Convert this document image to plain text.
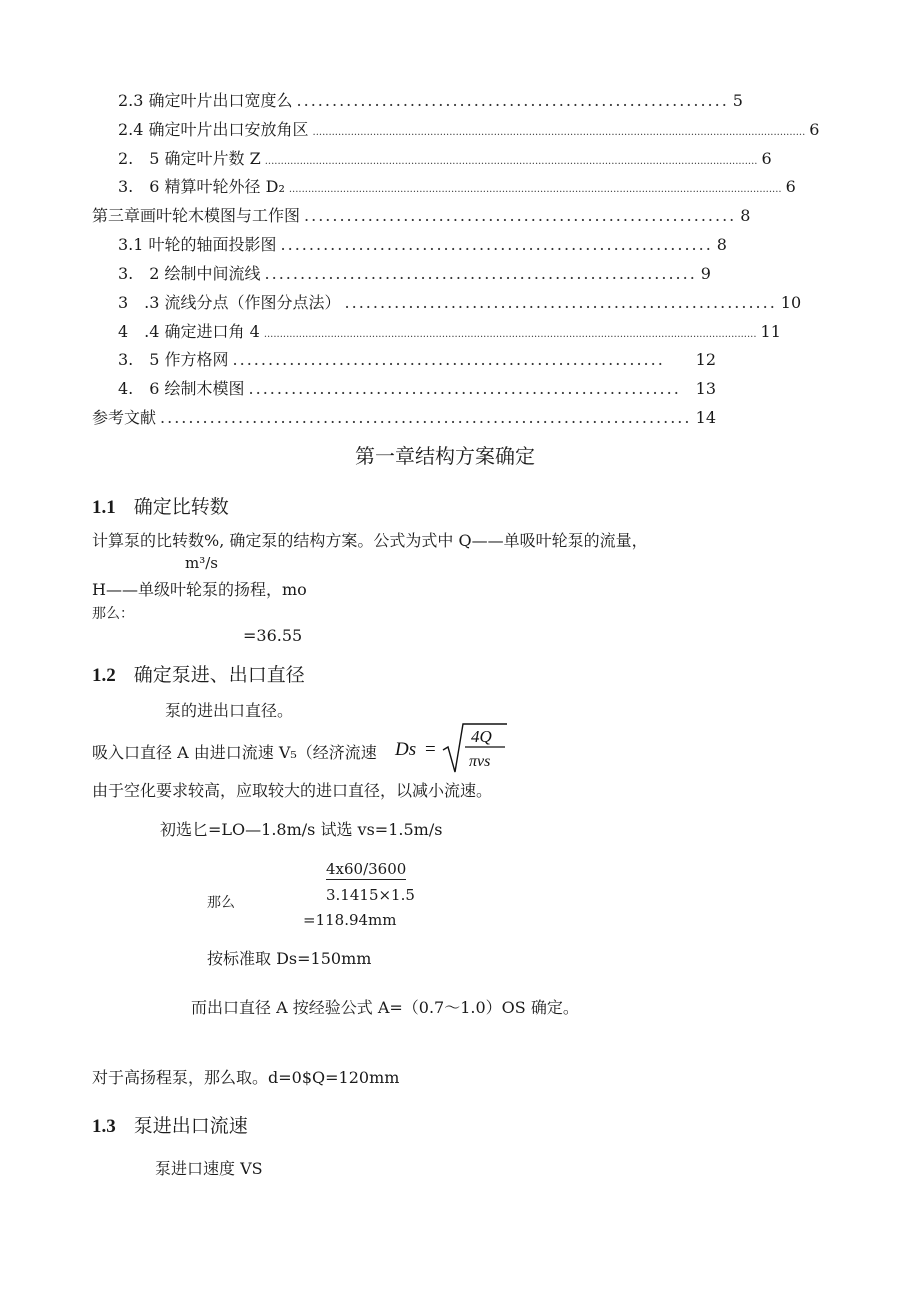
2.3 确定叶片出口宽度么 ............................................................. 5
2.4 确定叶片出口安放角区 ........................................................................................................................................................... 6
2.　5 确定叶片数 Z ........................................................................................................................................................... 6
3.　6 精算叶轮外径 D₂ ........................................................................................................................................................... 6
第三章画叶轮木模图与工作图 ............................................................. 8
3.1 叶轮的轴面投影图 ............................................................. 8
3.　2 绘制中间流线 ............................................................. 9
3　.3 流线分点（作图分点法） ............................................................. 10
4　.4 确定进口角 4 ........................................................................................................................................................... 11
3.　5 作方格网 .............................................................	12
4.　6 绘制木模图 ............................................................. 13
参考文献 ........................................................................... 14
第一章结构方案确定
1.1 确定比转数
计算泵的比转数%, 确定泵的结构方案。公式为式中 Q——单吸叶轮泵的流量，
m³/s
H——单级叶轮泵的扬程，mo
那么：
=36.55
1.2 确定泵进、出口直径
泵的进出口直径。
吸入口直径 A 由进口流速 V₅（经济流速 Ds =
4Q
πvs
由于空化要求较高，应取较大的进口直径，以减小流速。
初选匕=LO—1.8m/s 试选 vs=1.5m/s
4x60/3600
那么	3.1415×1.5
=118.94mm
按标准取 Ds=150mm
而出口直径 A 按经验公式 A=（0.7～1.0）OS 确定。
对于高扬程泵，那么取。d=0$Q=120mm
1.3 泵进出口流速
泵进口速度 VS
